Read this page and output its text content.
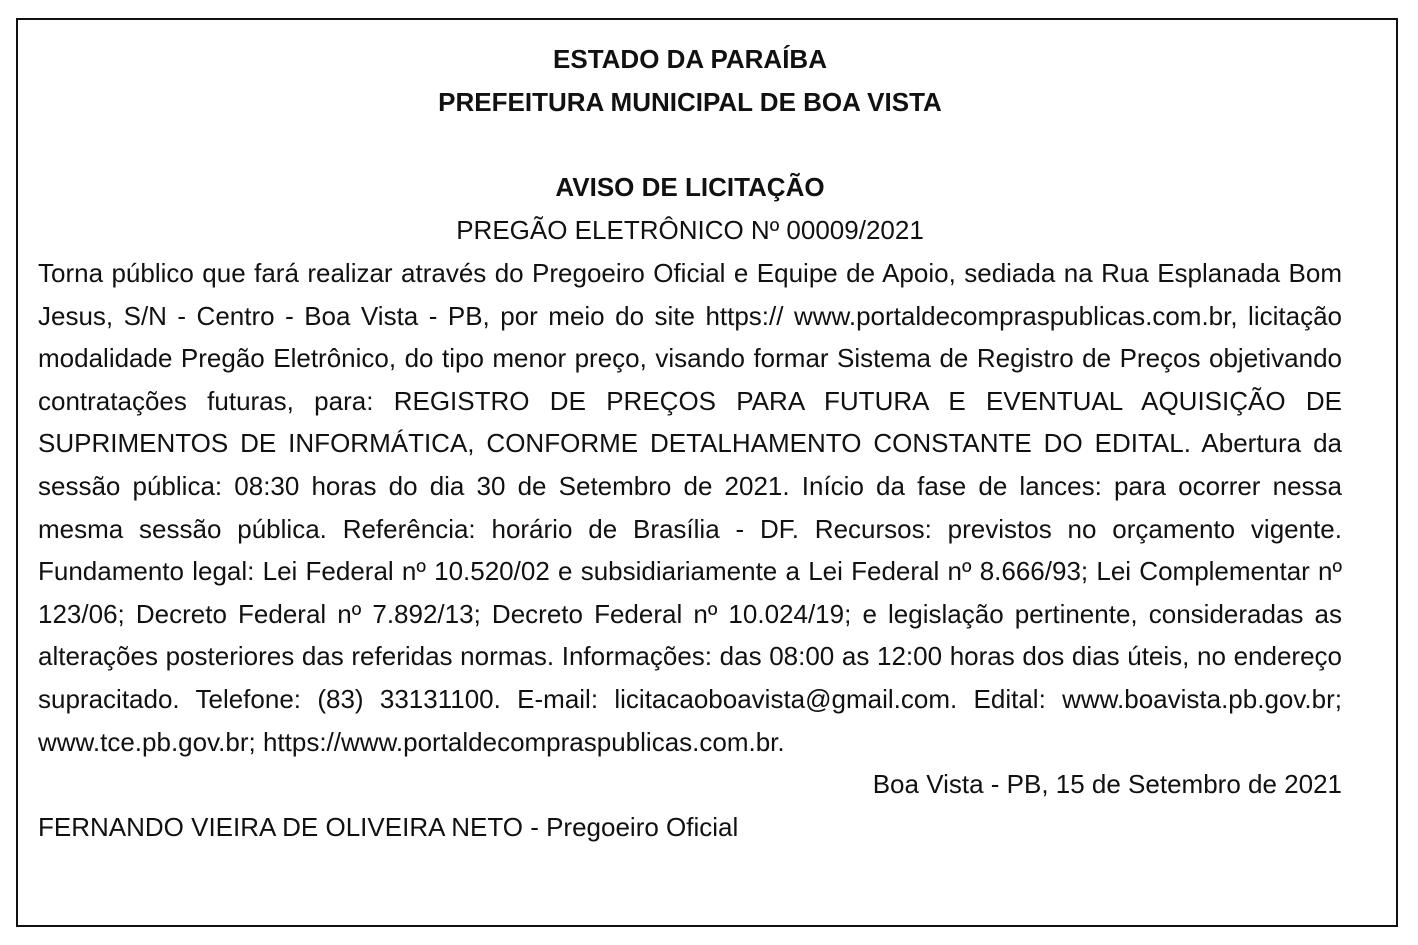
ESTADO DA PARAÍBA

PREFEITURA MUNICIPAL DE BOA VISTA

AVISO DE LICITAÇÃO

PREGÃO ELETRÔNICO Nº 00009/2021

Torna público que fará realizar através do Pregoeiro Oficial e Equipe de Apoio, sediada na Rua Esplanada Bom Jesus, S/N - Centro - Boa Vista - PB, por meio do site https:// www.portaldecompraspublicas.com.br, licitação modalidade Pregão Eletrônico, do tipo menor preço, visando formar Sistema de Registro de Preços objetivando contratações futuras, para: REGISTRO DE PREÇOS PARA FUTURA E EVENTUAL AQUISIÇÃO DE SUPRIMENTOS DE INFORMÁTICA, CONFORME DETALHAMENTO CONSTANTE DO EDITAL. Abertura da sessão pública: 08:30 horas do dia 30 de Setembro de 2021. Início da fase de lances: para ocorrer nessa mesma sessão pública. Referência: horário de Brasília - DF. Recursos: previstos no orçamento vigente. Fundamento legal: Lei Federal nº 10.520/02 e subsidiariamente a Lei Federal nº 8.666/93; Lei Complementar nº 123/06; Decreto Federal nº 7.892/13; Decreto Federal nº 10.024/19; e legislação pertinente, consideradas as alterações posteriores das referidas normas. Informações: das 08:00 as 12:00 horas dos dias úteis, no endereço supracitado. Telefone: (83) 33131100. E-mail: licitacaoboavista@gmail.com. Edital: www.boavista.pb.gov.br; www.tce.pb.gov.br; https://www.portaldecompraspublicas.com.br.

Boa Vista - PB, 15 de Setembro de 2021

FERNANDO VIEIRA DE OLIVEIRA NETO - Pregoeiro Oficial
